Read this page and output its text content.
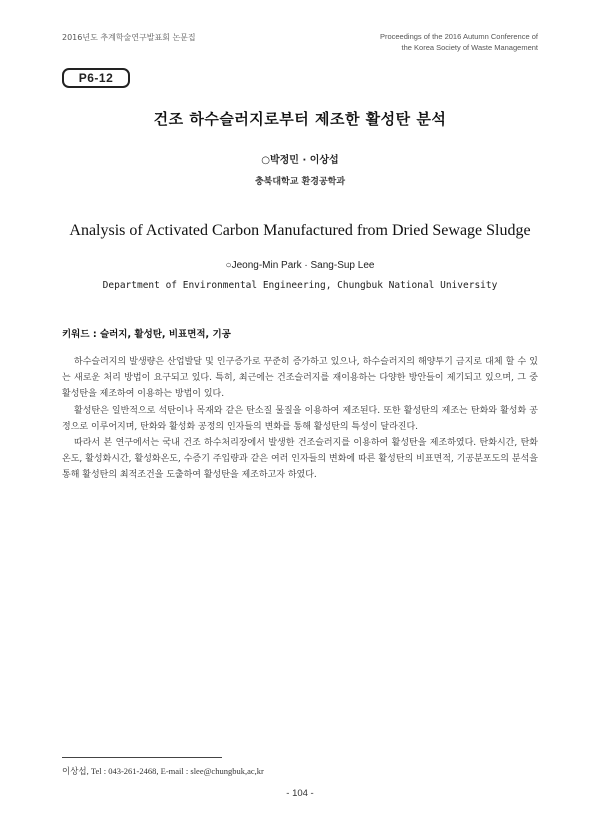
2016년도 추계학술연구발표회 논문집	Proceedings of the 2016 Autumn Conference of
the Korea Society of Waste Management
P6-12
건조 하수슬러지로부터 제조한 활성탄 분석
○박정민 · 이상섭
충북대학교 환경공학과
Analysis of Activated Carbon Manufactured from Dried Sewage Sludge
○Jeong-Min Park · Sang-Sup Lee
Department of Environmental Engineering, Chungbuk National University
키워드 : 슬러지, 활성탄, 비표면적, 기공

하수슬러지의 발생량은 산업발달 및 인구증가로 꾸준히 증가하고 있으나, 하수슬러지의 해양투기 금지로 대체 할 수 있는 새로운 처리 방법이 요구되고 있다. 특히, 최근에는 건조슬러지를 재이용하는 다양한 방안들이 제기되고 있으며, 그 중 활성탄을 제조하여 이용하는 방법이 있다.

활성탄은 일반적으로 석탄이나 목재와 같은 탄소질 물질을 이용하여 제조된다. 또한 활성탄의 제조는 탄화와 활성화 공정으로 이루어지며, 탄화와 활성화 공정의 인자들의 변화를 통해 활성탄의 특성이 달라진다.

따라서 본 연구에서는 국내 건조 하수처리장에서 발생한 건조슬러지를 이용하여 활성탄을 제조하였다. 탄화시간, 탄화온도, 활성화시간, 활성화온도, 수증기 주입량과 같은 여러 인자들의 변화에 따른 활성탄의 비표면적, 기공분포도의 분석을 통해 활성탄의 최적조건을 도출하여 활성탄을 제조하고자 하였다.

이상섭, Tel : 043-261-2468, E-mail : slee@chungbuk,ac,kr
- 104 -
